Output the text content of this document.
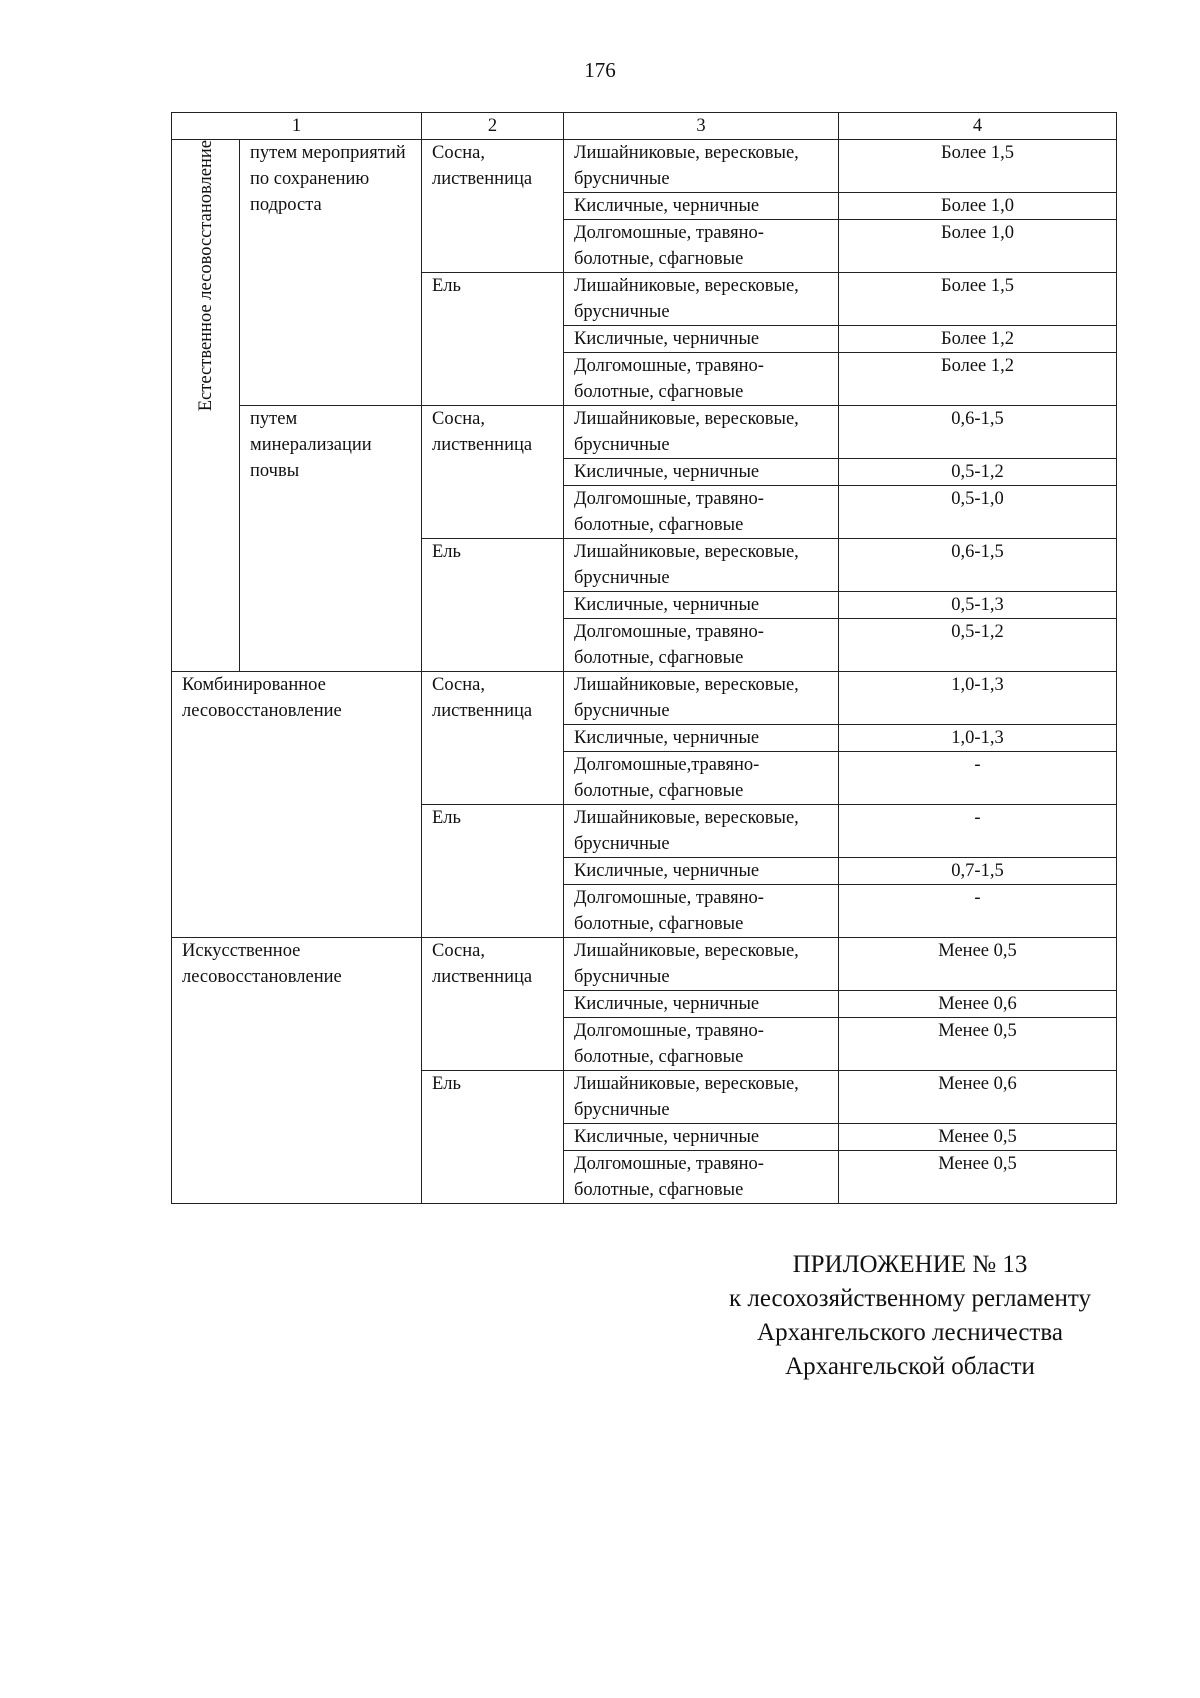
176
1		2	3	4

Естественное лесовосстановление	путем мероприятий по сохранению подроста	Сосна, лиственница	Лишайниковые, вересковые, брусничные	Более 1,5
			Кисличные, черничные	Более 1,0
			Долгомошные, травяно-болотные, сфагновые	Более 1,0
		Ель	Лишайниковые, вересковые, брусничные	Более 1,5
			Кисличные, черничные	Более 1,2
			Долгомошные, травяно-болотные, сфагновые	Более 1,2
	путем минерализации почвы	Сосна, лиственница	Лишайниковые, вересковые, брусничные	0,6-1,5
			Кисличные, черничные	0,5-1,2
			Долгомошные, травяно-болотные, сфагновые	0,5-1,0
		Ель	Лишайниковые, вересковые, брусничные	0,6-1,5
			Кисличные, черничные	0,5-1,3
			Долгомошные, травяно-болотные, сфагновые	0,5-1,2
Комбинированное лесовосстановление		Сосна, лиственница	Лишайниковые, вересковые, брусничные	1,0-1,3
			Кисличные, черничные	1,0-1,3
			Долгомошные,травяно-болотные, сфагновые	-
		Ель	Лишайниковые, вересковые, брусничные	-
			Кисличные, черничные	0,7-1,5
			Долгомошные, травяно-болотные, сфагновые	-
Искусственное лесовосстановление		Сосна, лиственница	Лишайниковые, вересковые, брусничные	Менее 0,5
			Кисличные, черничные	Менее 0,6
			Долгомошные, травяно-болотные, сфагновые	Менее 0,5
		Ель	Лишайниковые, вересковые, брусничные	Менее 0,6
			Кисличные, черничные	Менее 0,5
			Долгомошные, травяно-болотные, сфагновые	Менее 0,5
ПРИЛОЖЕНИЕ № 13
к лесохозяйственному регламенту
Архангельского лесничества
Архангельской области
